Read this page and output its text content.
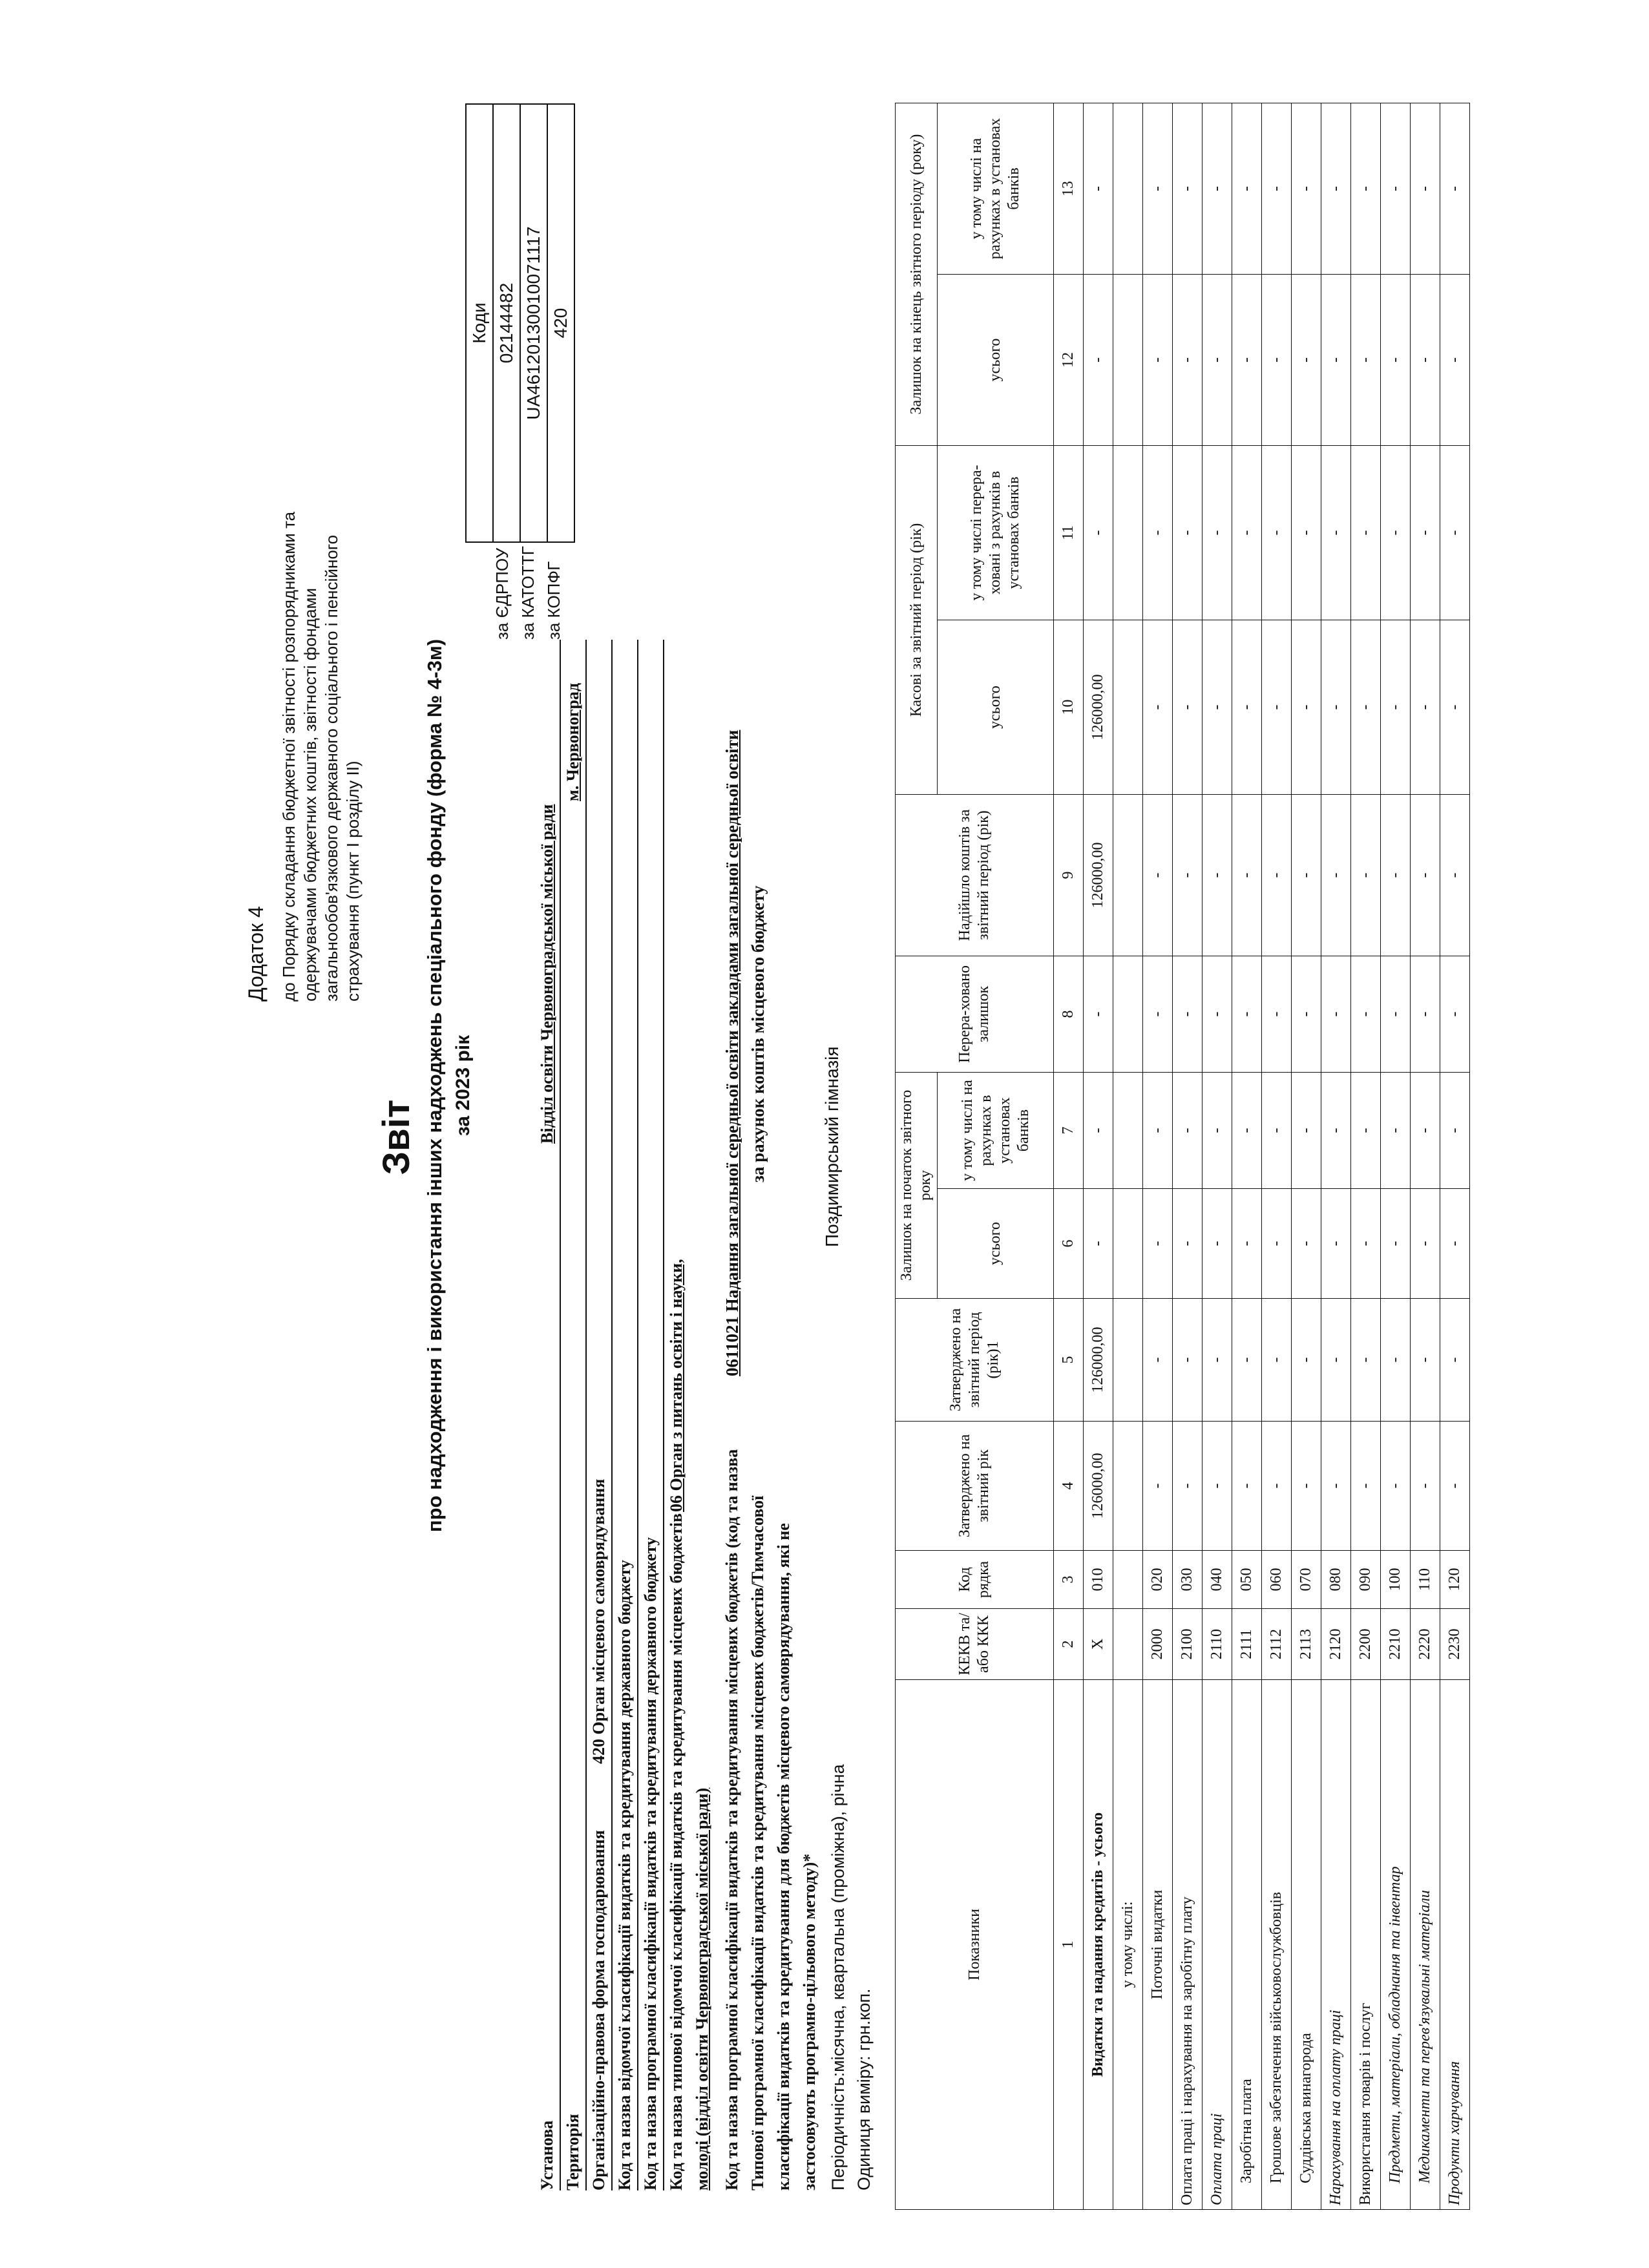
Додаток 4 до Порядку складання бюджетної звітності розпорядниками та одержувачами бюджетних коштів, звітності фондами загальнообов'язкового державного соціального і пенсійного страхування (пункт І розділу ІІ)
Звіт про надходження і використання інших надходжень спеціального фонду (форма № 4-3м) за 2023 рік
Коди
02144482
UA46120130010071117
420
за ЄДРПОУ за КАТОТТГ за КОПФГ
Установа
Відділ освіти Червоноградської міської ради
Територія
м. Червоноград
Організаційно-правова форма господарювання
420 Орган місцевого самоврядування Код та назва відомчої класифікації видатків та кредитування державного бюджету Код та назва програмної класифікації видатків та кредитування державного бюджету Код та назва типової відомчої класифікації видатків та кредитування місцевих бюджетів
06 Орган з питань освіти і науки,
молоді (відділ освіти Червоноградської міської ради) Код та назва програмної класифікації видатків та кредитування місцевих бюджетів (код та назва Типової програмної класифікації видатків та кредитування місцевих бюджетів/Тимчасової класифікації видатків та кредитування для бюджетів місцевого самоврядування, які не застосовують програмно-цільового методу)*
0611021 Надання загальної середньої освіти закладами загальної середньої освіти за рахунок коштів місцевого бюджету
Періодичність:місячна, квартальна (проміжна), річна Одиниця виміру: грн.коп.
Поздимирський гімназія
Показники	КЕКВ та/або ККК	Код рядка	Затверджено на звітний рік	Затверджено на звітний період (рік)1	Залишок на початок звітного року		Перера-ховано залишок	Надійшло коштів за звітний період (рік)	Касові за звітний період (рік)		Залишок на кінець звітного періоду (року)	
					усього	у тому числі на рахунках в установах банків			усього	у тому числі перера-ховані з рахунків в установах банків	усього	у тому числі на рахунках в установах банків
1	2	3	4	5	6	7	8	9	10	11	12	13
Видатки та надання кредитів - усього	X	010	126000,00	126000,00	-	-	-	126000,00	126000,00	-	-	-
у тому числі:												
Поточні видатки	2000	020	-	-	-	-	-	-	-	-	-	-
Оплата праці і нарахування на заробітну плату	2100	030	-	-	-	-	-	-	-	-	-	-
Оплата праці	2110	040	-	-	-	-	-	-	-	-	-	-
Заробітна плата	2111	050	-	-	-	-	-	-	-	-	-	-
Грошове забезпечення військовослужбовців	2112	060	-	-	-	-	-	-	-	-	-	-
Суддівська винагорода	2113	070	-	-	-	-	-	-	-	-	-	-
Нарахування на оплату праці	2120	080	-	-	-	-	-	-	-	-	-	-
Використання товарів і послуг	2200	090	-	-	-	-	-	-	-	-	-	-
Предмети, матеріали, обладнання та інвентар	2210	100	-	-	-	-	-	-	-	-	-	-
Медикаменти та перев'язувальні матеріали	2220	110	-	-	-	-	-	-	-	-	-	-
Продукти харчування	2230	120	-	-	-	-	-	-	-	-	-	-
